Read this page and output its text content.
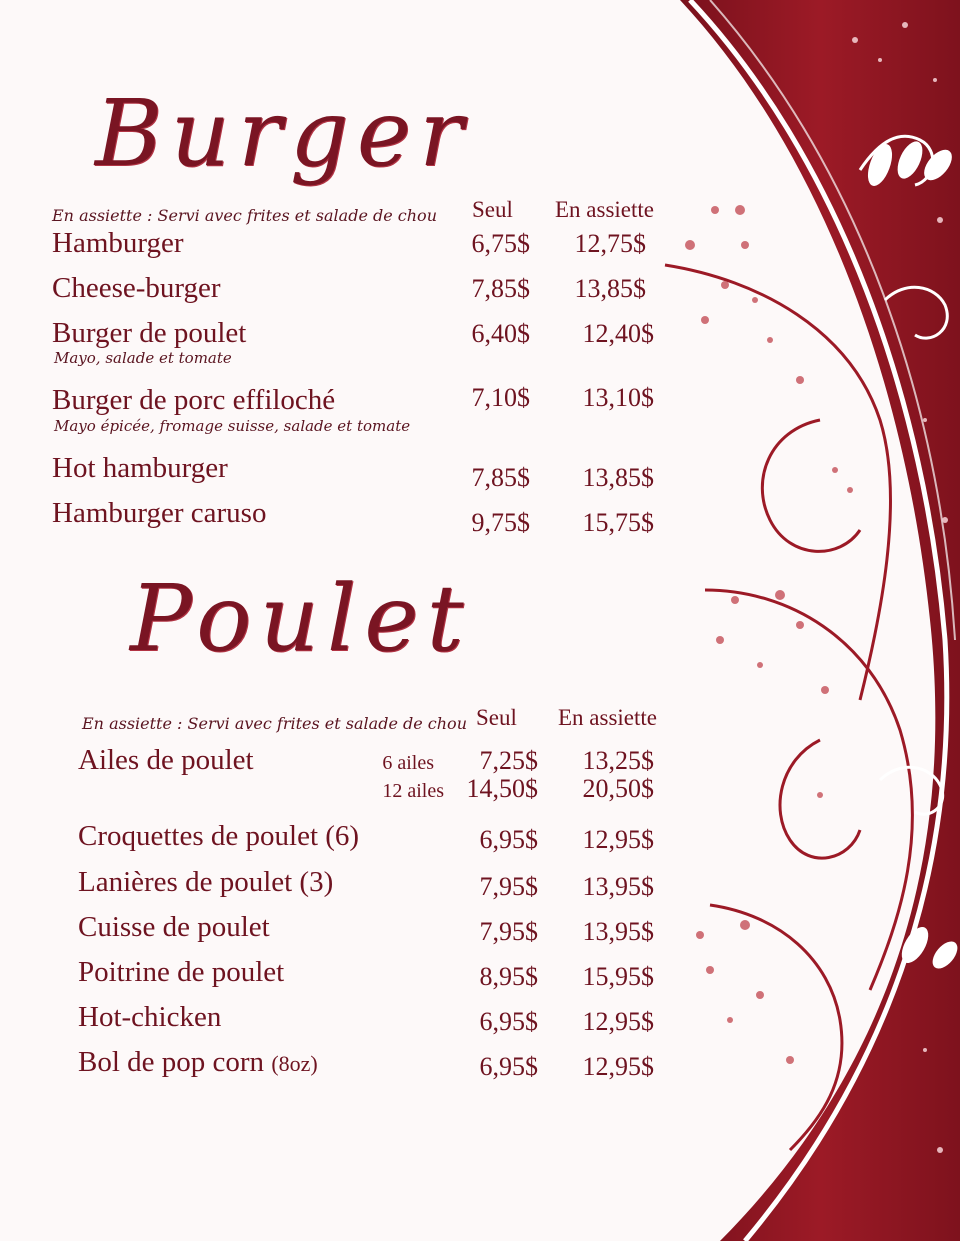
Burger
En assiette : Servi avec frites et salade de chou Seul En assiette
Hamburger	6,75$	12,75$
Cheese-burger	7,85$	13,85$
Burger de poulet
Mayo, salade et tomate
6,40$	12,40$
Burger de porc effiloché
Mayo épicée, fromage suisse, salade et tomate
7,10$	13,10$
Hot hamburger	7,85$	13,85$
Hamburger caruso	9,75$	15,75$
Poulet
En assiette : Servi avec frites et salade de chou Seul En assiette
Ailes de poulet	6 ailes	7,25$	13,25$
12 ailes 14,50$	20,50$
Croquettes de poulet (6)	6,95$	12,95$
Lanières de poulet (3)	7,95$	13,95$
Cuisse de poulet	7,95$	13,95$
Poitrine de poulet	8,95$	15,95$
Hot-chicken	6,95$	12,95$
Bol de pop corn (8oz)	6,95$	12,95$
